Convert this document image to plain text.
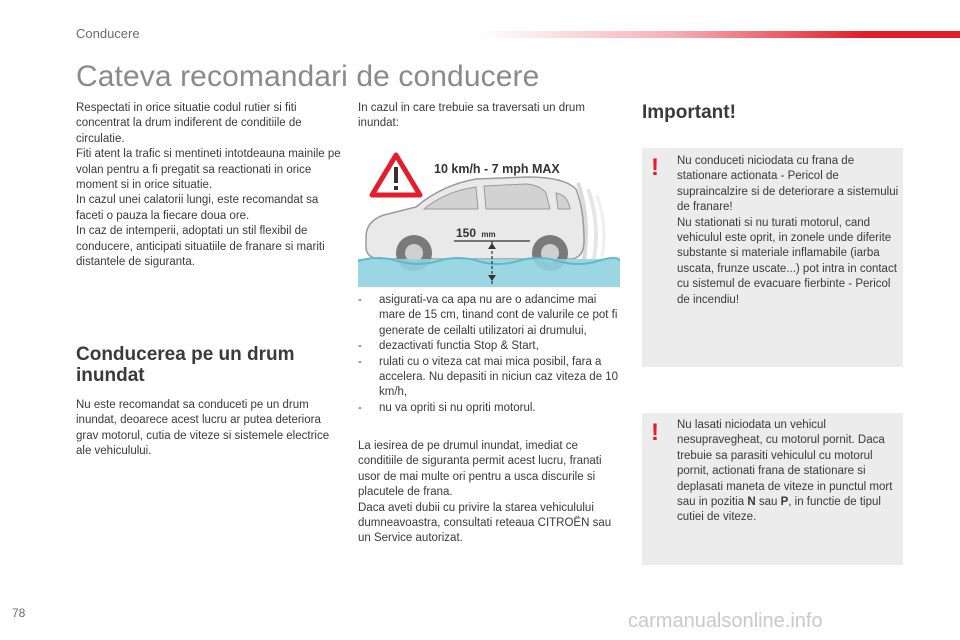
Conducere
Cateva recomandari de conducere

Respectati in orice situatie codul rutier si fiti concentrat la drum indiferent de conditiile de circulatie.

Fiti atent la trafic si mentineti intotdeauna mainile pe volan pentru a fi pregatit sa reactionati in orice moment si in orice situatie.

In cazul unei calatorii lungi, este recomandat sa faceti o pauza la fiecare doua ore.

In caz de intemperii, adoptati un stil flexibil de conducere, anticipati situatiile de franare si mariti distantele de siguranta.

Conducerea pe un drum
inundat

Nu este recomandat sa conduceti pe un drum inundat, deoarece acest lucru ar putea deteriora grav motorul, cutia de viteze si sistemele electrice ale vehiculului.

In cazul in care trebuie sa traversati un drum inundat:

10 km/h - 7 mph MAX
150 mm
- asigurati-va ca apa nu are o adancime mai mare de 15 cm, tinand cont de valurile ce pot fi generate de ceilalti utilizatori ai drumului,
- dezactivati functia Stop & Start,
- rulati cu o viteza cat mai mica posibil, fara a accelera. Nu depasiti in niciun caz viteza de 10 km/h,
- nu va opriti si nu opriti motorul.

La iesirea de pe drumul inundat, imediat ce conditiile de siguranta permit acest lucru, franati usor de mai multe ori pentru a usca discurile si placutele de frana.

Daca aveti dubii cu privire la starea vehiculului dumneavoastra, consultati reteaua CITROËN sau un Service autorizat.

Important!
! Nu conduceti niciodata cu frana de stationare actionata - Pericol de supraincalzire si de deteriorare a sistemului de franare!

Nu stationati si nu turati motorul, cand vehiculul este oprit, in zonele unde diferite substante si materiale inflamabile (iarba uscata, frunze uscate...) pot intra in contact cu sistemul de evacuare fierbinte - Pericol de incendiu!

! Nu lasati niciodata un vehicul nesupravegheat, cu motorul pornit. Daca trebuie sa parasiti vehiculul cu motorul pornit, actionati frana de stationare si deplasati maneta de viteze in punctul mort sau in pozitia N sau P, in functie de tipul cutiei de viteze.

78	carmanualsonline.info
